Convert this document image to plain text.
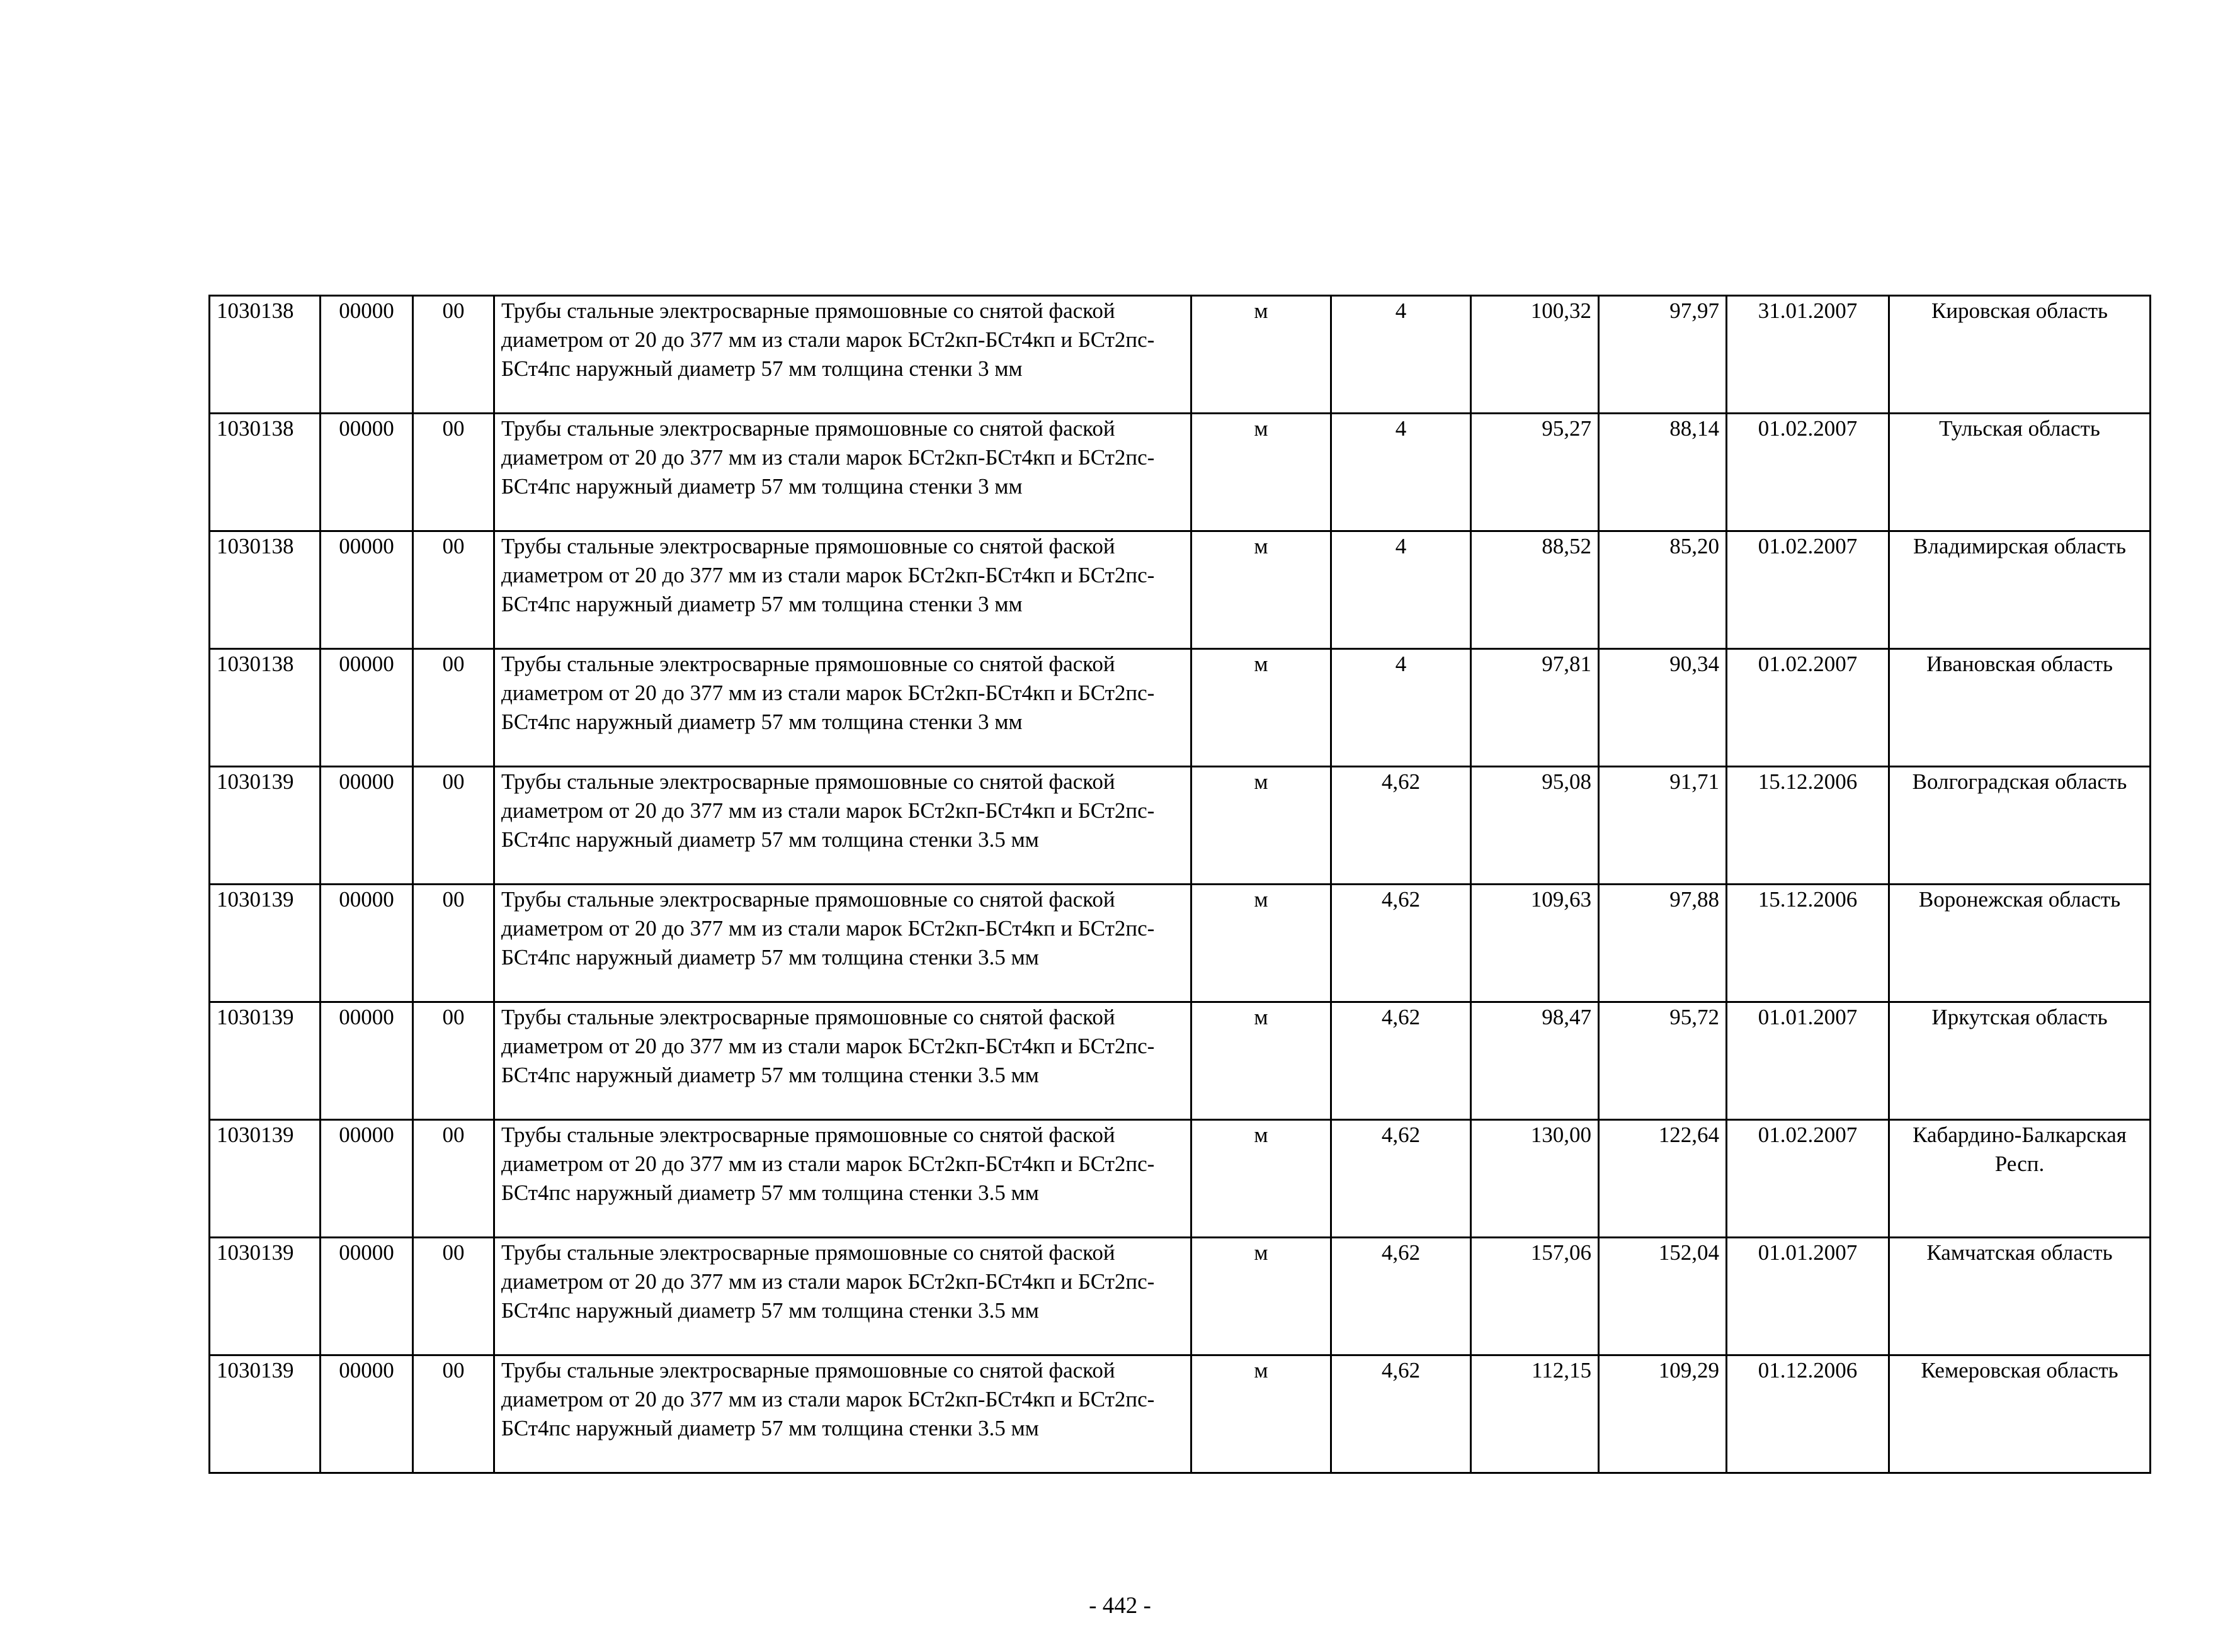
1030138	00000	00	Трубы стальные электросварные прямошовные со снятой фаской диаметром от 20 до 377 мм из стали марок БСт2кп-БСт4кп и БСт2пс-БСт4пс наружный диаметр 57 мм толщина стенки 3 мм	м	4	100,32	97,97	31.01.2007	Кировская область
1030138	00000	00	Трубы стальные электросварные прямошовные со снятой фаской диаметром от 20 до 377 мм из стали марок БСт2кп-БСт4кп и БСт2пс-БСт4пс наружный диаметр 57 мм толщина стенки 3 мм	м	4	95,27	88,14	01.02.2007	Тульская область
1030138	00000	00	Трубы стальные электросварные прямошовные со снятой фаской диаметром от 20 до 377 мм из стали марок БСт2кп-БСт4кп и БСт2пс-БСт4пс наружный диаметр 57 мм толщина стенки 3 мм	м	4	88,52	85,20	01.02.2007	Владимирская область
1030138	00000	00	Трубы стальные электросварные прямошовные со снятой фаской диаметром от 20 до 377 мм из стали марок БСт2кп-БСт4кп и БСт2пс-БСт4пс наружный диаметр 57 мм толщина стенки 3 мм	м	4	97,81	90,34	01.02.2007	Ивановская область
1030139	00000	00	Трубы стальные электросварные прямошовные со снятой фаской диаметром от 20 до 377 мм из стали марок БСт2кп-БСт4кп и БСт2пс-БСт4пс наружный диаметр 57 мм толщина стенки 3.5 мм	м	4,62	95,08	91,71	15.12.2006	Волгоградская область
1030139	00000	00	Трубы стальные электросварные прямошовные со снятой фаской диаметром от 20 до 377 мм из стали марок БСт2кп-БСт4кп и БСт2пс-БСт4пс наружный диаметр 57 мм толщина стенки 3.5 мм	м	4,62	109,63	97,88	15.12.2006	Воронежская область
1030139	00000	00	Трубы стальные электросварные прямошовные со снятой фаской диаметром от 20 до 377 мм из стали марок БСт2кп-БСт4кп и БСт2пс-БСт4пс наружный диаметр 57 мм толщина стенки 3.5 мм	м	4,62	98,47	95,72	01.01.2007	Иркутская область
1030139	00000	00	Трубы стальные электросварные прямошовные со снятой фаской диаметром от 20 до 377 мм из стали марок БСт2кп-БСт4кп и БСт2пс-БСт4пс наружный диаметр 57 мм толщина стенки 3.5 мм	м	4,62	130,00	122,64	01.02.2007	Кабардино-Балкарская Респ.
1030139	00000	00	Трубы стальные электросварные прямошовные со снятой фаской диаметром от 20 до 377 мм из стали марок БСт2кп-БСт4кп и БСт2пс-БСт4пс наружный диаметр 57 мм толщина стенки 3.5 мм	м	4,62	157,06	152,04	01.01.2007	Камчатская область
1030139	00000	00	Трубы стальные электросварные прямошовные со снятой фаской диаметром от 20 до 377 мм из стали марок БСт2кп-БСт4кп и БСт2пс-БСт4пс наружный диаметр 57 мм толщина стенки 3.5 мм	м	4,62	112,15	109,29	01.12.2006	Кемеровская область
- 442 -
